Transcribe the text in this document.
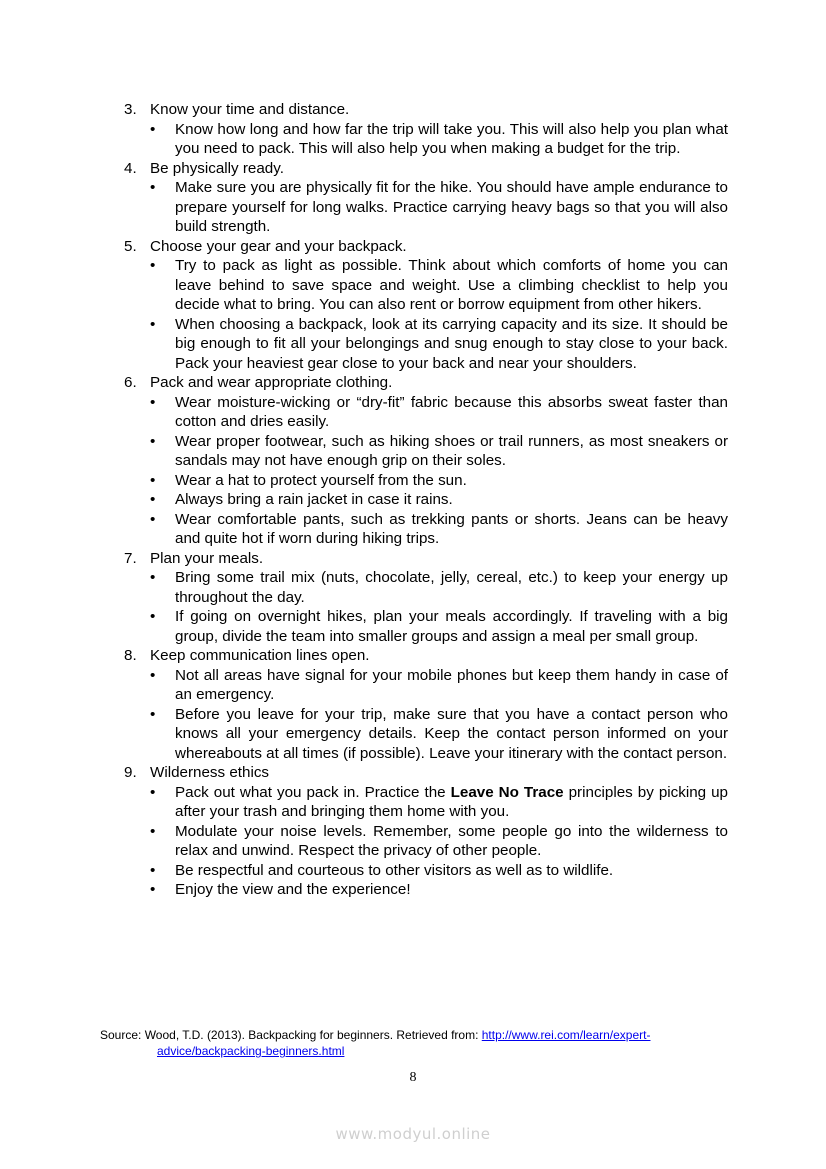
3. Know your time and distance.
• Know how long and how far the trip will take you. This will also help you plan what you need to pack. This will also help you when making a budget for the trip.
4. Be physically ready.
• Make sure you are physically fit for the hike. You should have ample endurance to prepare yourself for long walks. Practice carrying heavy bags so that you will also build strength.
5. Choose your gear and your backpack.
• Try to pack as light as possible. Think about which comforts of home you can leave behind to save space and weight. Use a climbing checklist to help you decide what to bring. You can also rent or borrow equipment from other hikers.
• When choosing a backpack, look at its carrying capacity and its size. It should be big enough to fit all your belongings and snug enough to stay close to your back. Pack your heaviest gear close to your back and near your shoulders.
6. Pack and wear appropriate clothing.
• Wear moisture-wicking or “dry-fit” fabric because this absorbs sweat faster than cotton and dries easily.
• Wear proper footwear, such as hiking shoes or trail runners, as most sneakers or sandals may not have enough grip on their soles.
• Wear a hat to protect yourself from the sun.
• Always bring a rain jacket in case it rains.
• Wear comfortable pants, such as trekking pants or shorts. Jeans can be heavy and quite hot if worn during hiking trips.
7. Plan your meals.
• Bring some trail mix (nuts, chocolate, jelly, cereal, etc.) to keep your energy up throughout the day.
• If going on overnight hikes, plan your meals accordingly. If traveling with a big group, divide the team into smaller groups and assign a meal per small group.
8. Keep communication lines open.
• Not all areas have signal for your mobile phones but keep them handy in case of an emergency.
• Before you leave for your trip, make sure that you have a contact person who knows all your emergency details. Keep the contact person informed on your whereabouts at all times (if possible). Leave your itinerary with the contact person.
9. Wilderness ethics
• Pack out what you pack in. Practice the Leave No Trace principles by picking up after your trash and bringing them home with you.
• Modulate your noise levels. Remember, some people go into the wilderness to relax and unwind. Respect the privacy of other people.
• Be respectful and courteous to other visitors as well as to wildlife.
• Enjoy the view and the experience!
Source: Wood, T.D. (2013). Backpacking for beginners. Retrieved from: http://www.rei.com/learn/expert-
advice/backpacking-beginners.html
8
www.modyul.online
